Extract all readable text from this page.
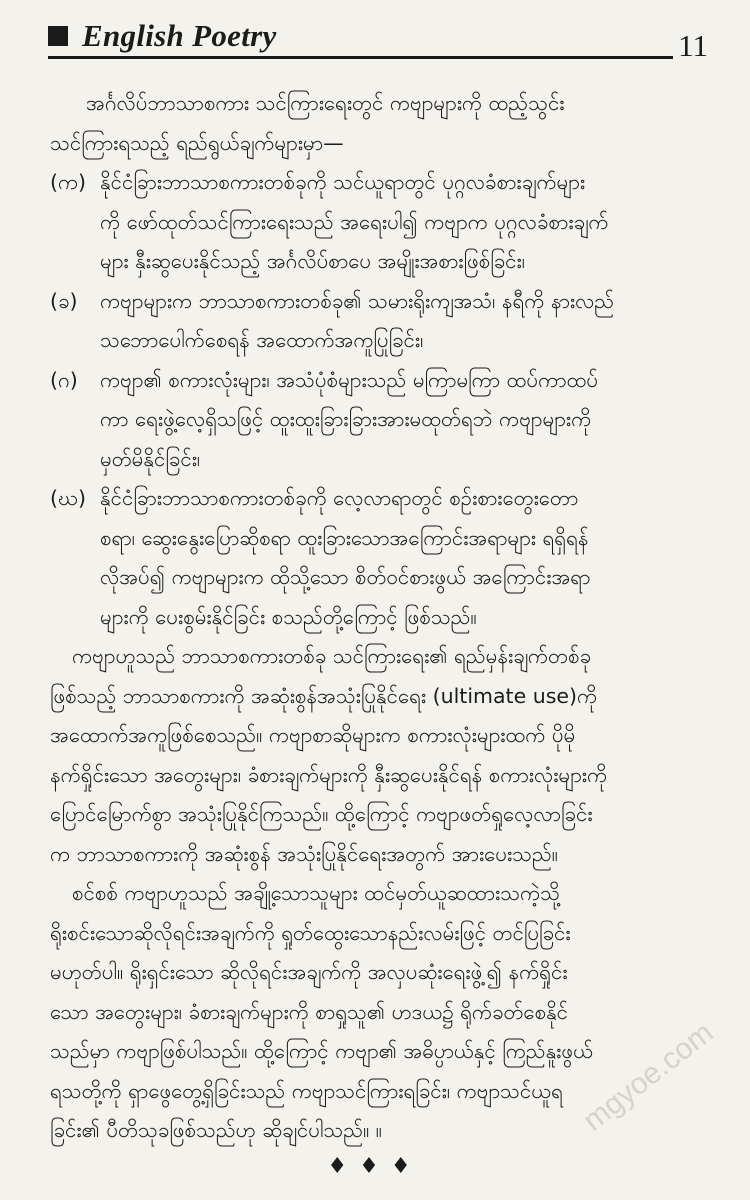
English Poetry	11
အင်္ဂလိပ်ဘာသာစကား သင်ကြားရေးတွင် ကဗျာများကို ထည့်သွင်း
သင်ကြားရသည့် ရည်ရွယ်ချက်များမှာ—
(က) နိုင်ငံခြားဘာသာစကားတစ်ခုကို သင်ယူရာတွင် ပုဂ္ဂလခံစားချက်များ
ကို ဖော်ထုတ်သင်ကြားရေးသည် အရေးပါ၍ ကဗျာက ပုဂ္ဂလခံစားချက်
များ နှီးဆွပေးနိုင်သည့် အင်္ဂလိပ်စာပေ အမျိုးအစားဖြစ်ခြင်း၊
(ခ)	ကဗျာများက ဘာသာစကားတစ်ခု၏ သမားရိုးကျအသံ၊ နရီကို နားလည်
သဘောပေါက်စေရန် အထောက်အကူပြုခြင်း၊
(ဂ)	ကဗျာ၏ စကားလုံးများ၊ အသံပုံစံများသည် မကြာမကြာ ထပ်ကာထပ်
ကာ ရေးဖွဲ့လေ့ရှိသဖြင့် ထူးထူးခြားခြားအားမထုတ်ရဘဲ ကဗျာများကို
မှတ်မိနိုင်ခြင်း၊
(ဃ) နိုင်ငံခြားဘာသာစကားတစ်ခုကို လေ့လာရာတွင် စဉ်းစားတွေးတော
စရာ၊ ဆွေးနွေးပြောဆိုစရာ ထူးခြားသောအကြောင်းအရာများ ရရှိရန်
လိုအပ်၍ ကဗျာများက ထိုသို့သော စိတ်ဝင်စားဖွယ် အကြောင်းအရာ
များကို ပေးစွမ်းနိုင်ခြင်း စသည်တို့ကြောင့် ဖြစ်သည်။
ကဗျာဟူသည် ဘာသာစကားတစ်ခု သင်ကြားရေး၏ ရည်မှန်းချက်တစ်ခု
ဖြစ်သည့် ဘာသာစကားကို အဆုံးစွန်အသုံးပြုနိုင်ရေး (ultimate use)ကို
အထောက်အကူဖြစ်စေသည်။ ကဗျာစာဆိုများက စကားလုံးများထက် ပိုမို
နက်ရှိုင်းသော အတွေးများ၊ ခံစားချက်များကို နှီးဆွပေးနိုင်ရန် စကားလုံးများကို
ပြောင်မြောက်စွာ အသုံးပြုနိုင်ကြသည်။ ထို့ကြောင့် ကဗျာဖတ်ရှုလေ့လာခြင်း
က ဘာသာစကားကို အဆုံးစွန် အသုံးပြုနိုင်ရေးအတွက် အားပေးသည်။
စင်စစ် ကဗျာဟူသည် အချို့သောသူများ ထင်မှတ်ယူဆထားသကဲ့သို့
ရိုးစင်းသောဆိုလိုရင်းအချက်ကို ရှုတ်ထွေးသောနည်းလမ်းဖြင့် တင်ပြခြင်း
မဟုတ်ပါ။ ရိုးရှင်းသော ဆိုလိုရင်းအချက်ကို အလှပဆုံးရေးဖွဲ့၍ နက်ရှိုင်း
သော အတွေးများ၊ ခံစားချက်များကို စာရှုသူ၏ ဟဒယ၌ ရိုက်ခတ်စေနိုင်
သည်မှာ ကဗျာဖြစ်ပါသည်။ ထို့ကြောင့် ကဗျာ၏ အဓိပ္ပာယ်နှင့် ကြည်နူးဖွယ်
ရသတို့ကို ရှာဖွေတွေ့ရှိခြင်းသည် ကဗျာသင်ကြားရခြင်း၊ ကဗျာသင်ယူရ
ခြင်း၏ ပီတိသုခဖြစ်သည်ဟု ဆိုချင်ပါသည်။ ။
♦♦♦
mgyoe.com
